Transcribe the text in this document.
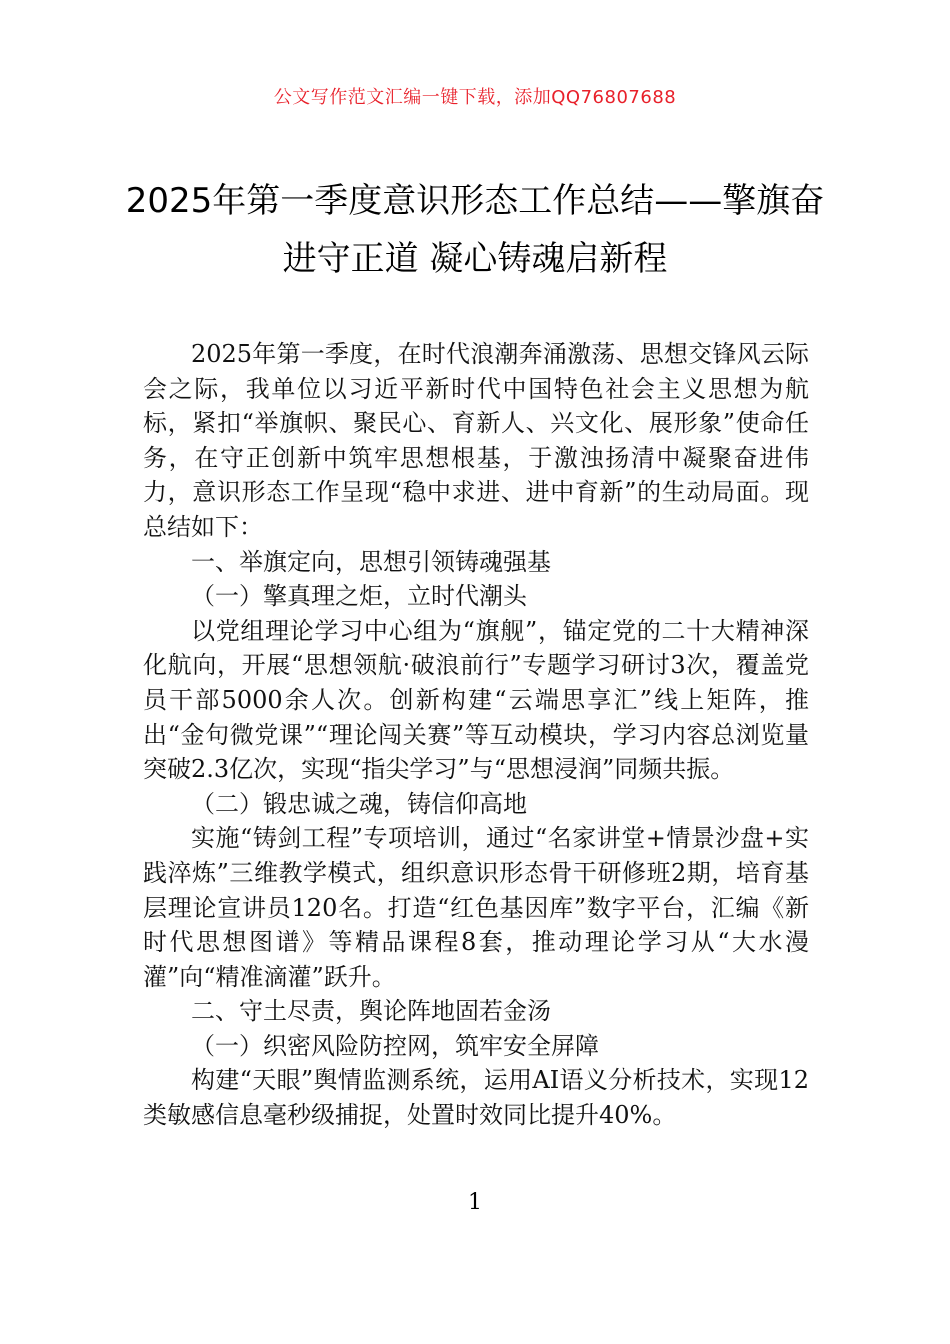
公文写作范文汇编一键下载，添加QQ76807688
2025年第一季度意识形态工作总结——擎旗奋进守正道 凝心铸魂启新程

2025年第一季度，在时代浪潮奔涌激荡、思想交锋风云际会之际，我单位以习近平新时代中国特色社会主义思想为航标，紧扣“举旗帜、聚民心、育新人、兴文化、展形象”使命任务，在守正创新中筑牢思想根基，于激浊扬清中凝聚奋进伟力，意识形态工作呈现“稳中求进、进中育新”的生动局面。现总结如下：

一、举旗定向，思想引领铸魂强基

（一）擎真理之炬，立时代潮头

以党组理论学习中心组为“旗舰”，锚定党的二十大精神深化航向，开展“思想领航·破浪前行”专题学习研讨3次，覆盖党员干部5000余人次。创新构建“云端思享汇”线上矩阵，推出“金句微党课”“理论闯关赛”等互动模块，学习内容总浏览量突破2.3亿次，实现“指尖学习”与“思想浸润”同频共振。

（二）锻忠诚之魂，铸信仰高地

实施“铸剑工程”专项培训，通过“名家讲堂+情景沙盘+实践淬炼”三维教学模式，组织意识形态骨干研修班2期，培育基层理论宣讲员120名。打造“红色基因库”数字平台，汇编《新时代思想图谱》等精品课程8套，推动理论学习从“大水漫灌”向“精准滴灌”跃升。

二、守土尽责，舆论阵地固若金汤

（一）织密风险防控网，筑牢安全屏障

构建“天眼”舆情监测系统，运用AI语义分析技术，实现12类敏感信息毫秒级捕捉，处置时效同比提升40%。

1
